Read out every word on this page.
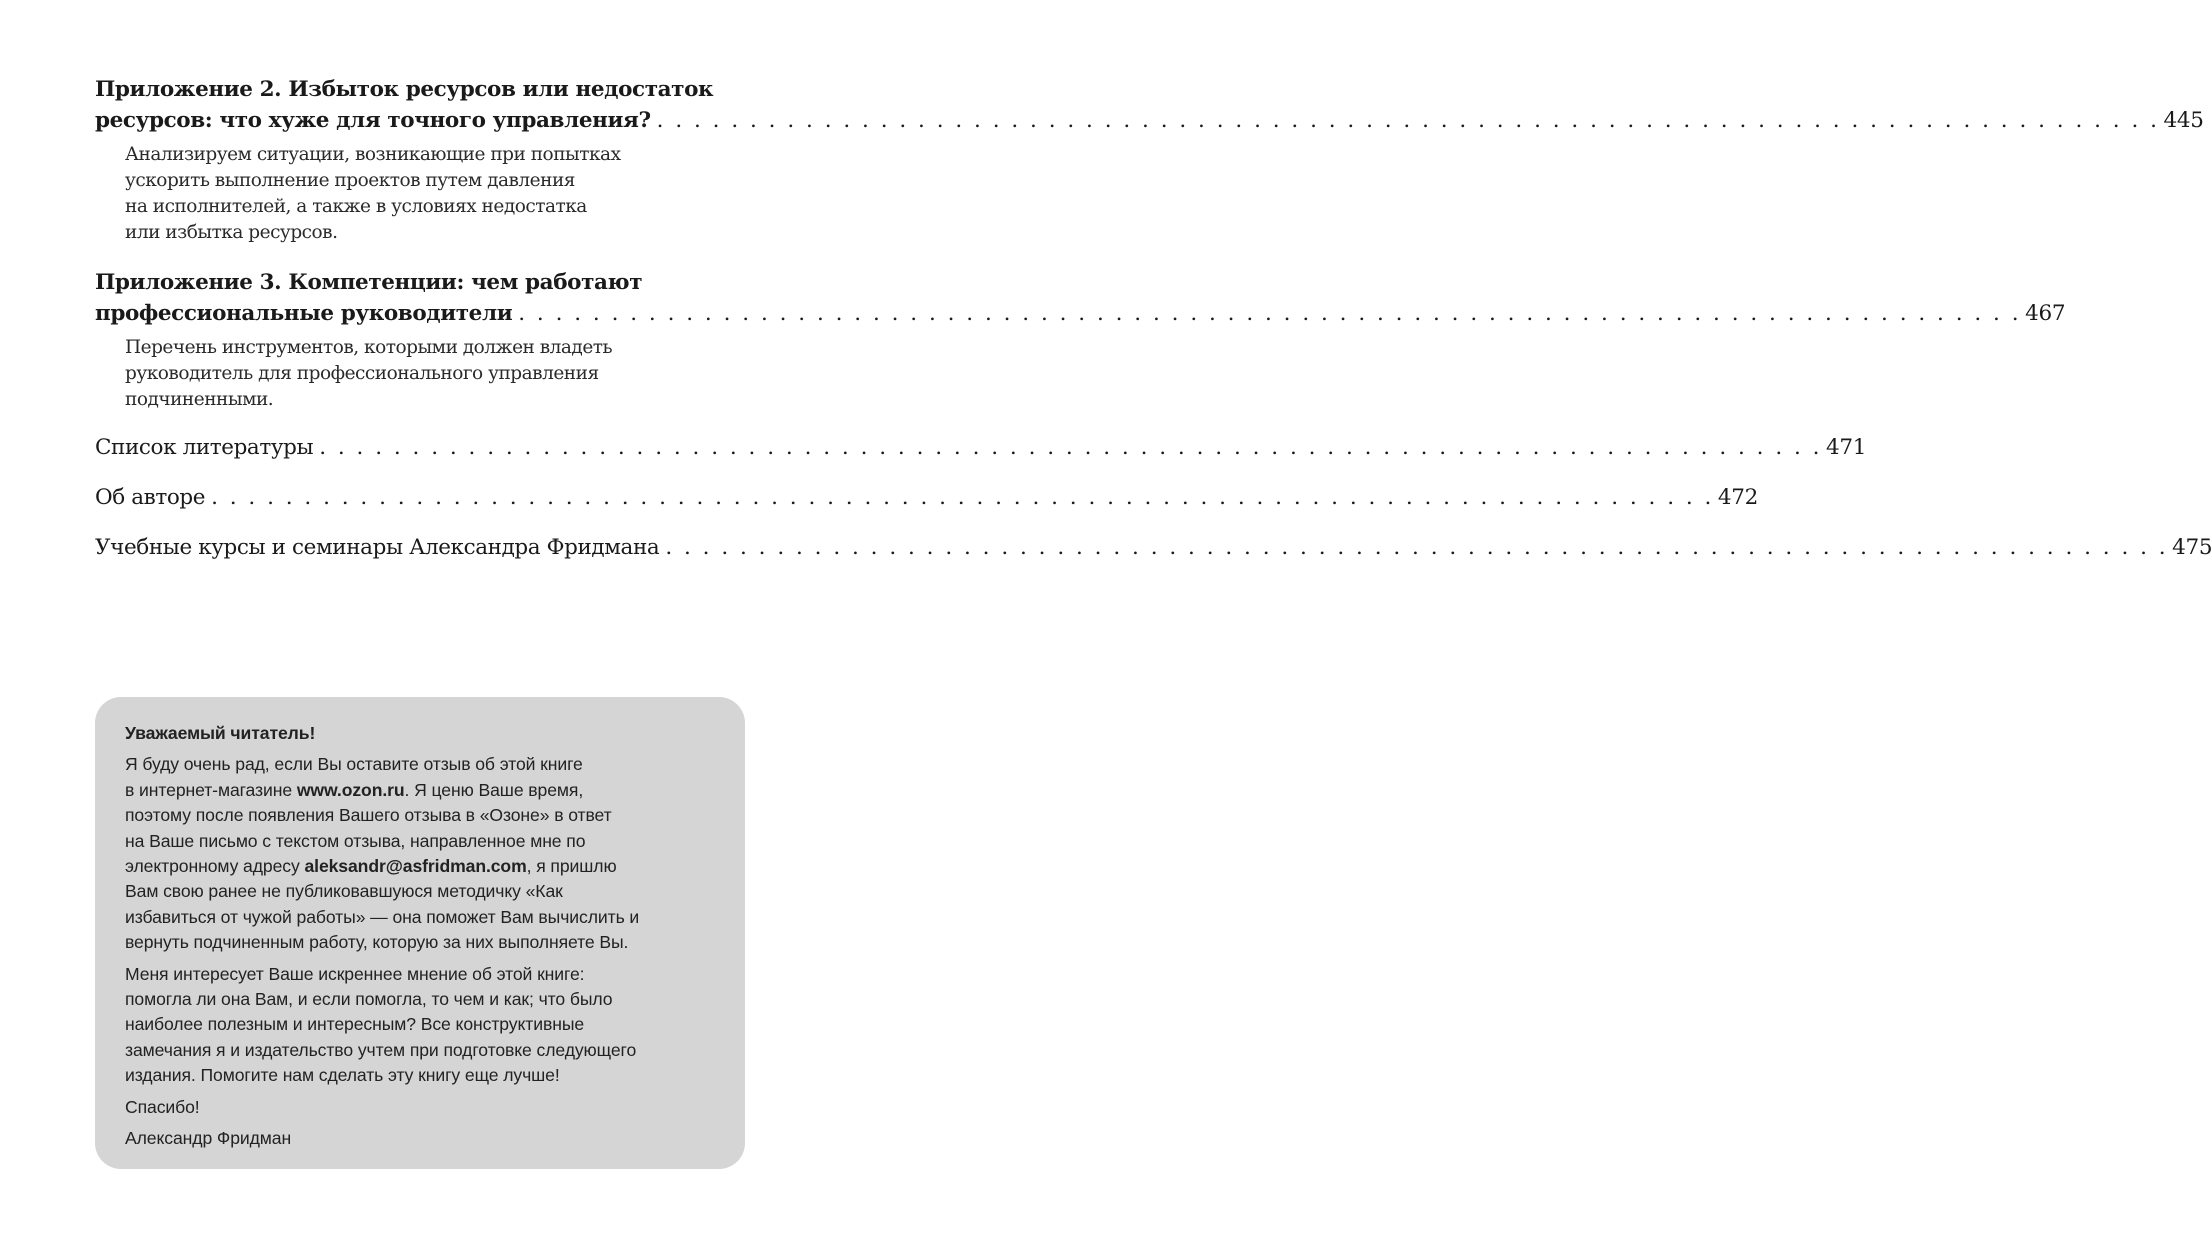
Приложение 2. Избыток ресурсов или недостаток
ресурсов: что хуже для точного управления? . . . . . . . . . . . . . . . . . . . . . . . . . . . . . . . . . . . . . . . . . . . . . . . . . . . . . . . . . . . . . . . . . . . . . . . . . . . . . . . . . 445
Анализируем ситуации, возникающие при попытках
ускорить выполнение проектов путем давления
на исполнителей, а также в условиях недостатка
или избытка ресурсов.
Приложение 3. Компетенции: чем работают
профессиональные руководители . . . . . . . . . . . . . . . . . . . . . . . . . . . . . . . . . . . . . . . . . . . . . . . . . . . . . . . . . . . . . . . . . . . . . . . . . . . . . . . . . 467
Перечень инструментов, которыми должен владеть
руководитель для профессионального управления
подчиненными.
Список литературы . . . . . . . . . . . . . . . . . . . . . . . . . . . . . . . . . . . . . . . . . . . . . . . . . . . . . . . . . . . . . . . . . . . . . . . . . . . . . . . . . 471
Об авторе . . . . . . . . . . . . . . . . . . . . . . . . . . . . . . . . . . . . . . . . . . . . . . . . . . . . . . . . . . . . . . . . . . . . . . . . . . . . . . . . . 472
Учебные курсы и семинары Александра Фридмана . . . . . . . . . . . . . . . . . . . . . . . . . . . . . . . . . . . . . . . . . . . . . . . . . . . . . . . . . . . . . . . . . . . . . . . . . . . . . . . . . 475
Уважаемый читатель!

Я буду очень рад, если Вы оставите отзыв об этой книге
в интернет-магазине www.ozon.ru. Я ценю Ваше время,
поэтому после появления Вашего отзыва в «Озоне» в ответ
на Ваше письмо с текстом отзыва, направленное мне по
электронному адресу aleksandr@asfridman.com, я пришлю
Вам свою ранее не публиковавшуюся методичку «Как
избавиться от чужой работы» — она поможет Вам вычислить и
вернуть подчиненным работу, которую за них выполняете Вы.

Меня интересует Ваше искреннее мнение об этой книге:
помогла ли она Вам, и если помогла, то чем и как; что было
наиболее полезным и интересным? Все конструктивные
замечания я и издательство учтем при подготовке следующего
издания. Помогите нам сделать эту книгу еще лучше!

Спасибо!

Александр Фридман
